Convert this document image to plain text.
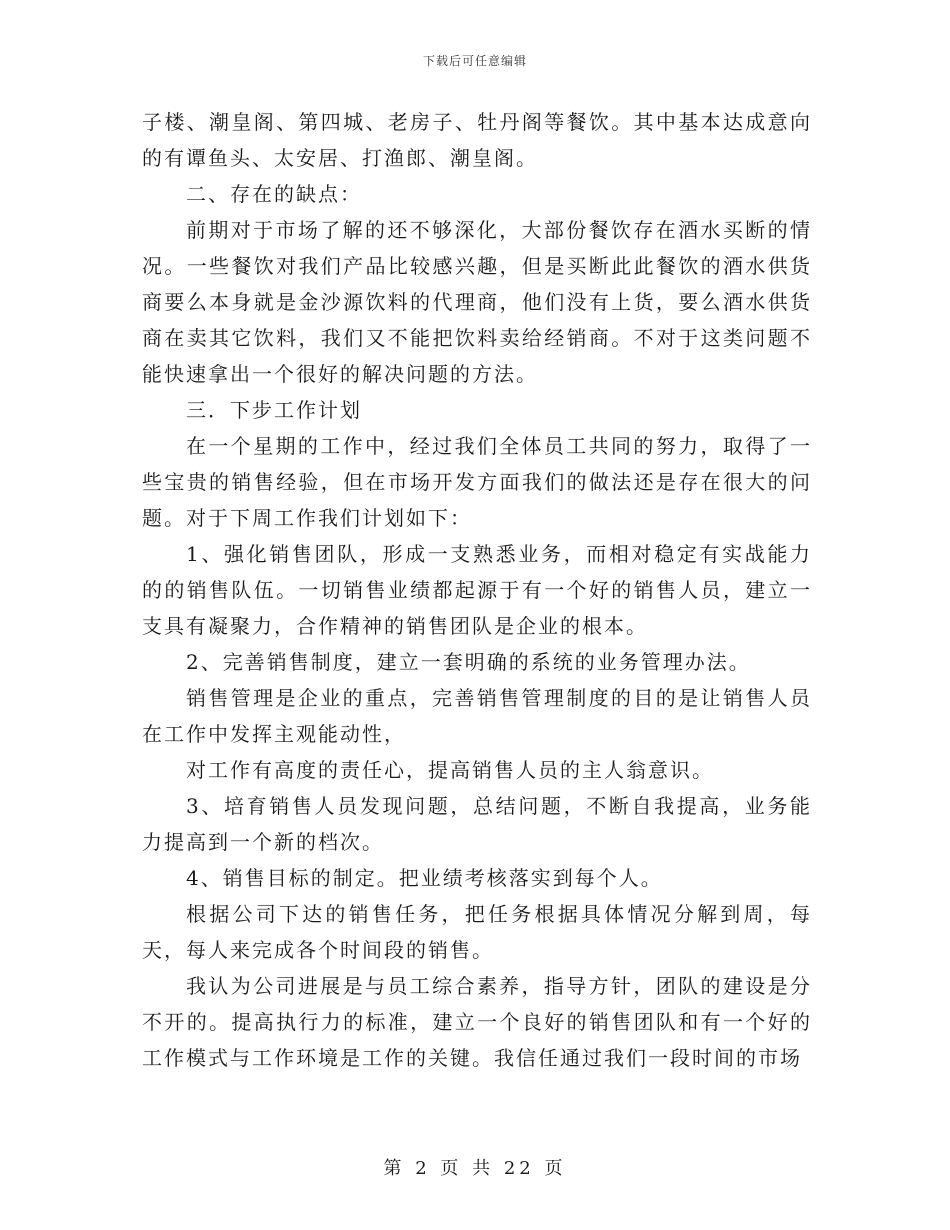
下载后可任意编辑

子楼、潮皇阁、第四城、老房子、牡丹阁等餐饮。其中基本达成意向的有谭鱼头、太安居、打渔郎、潮皇阁。

二、存在的缺点：

前期对于市场了解的还不够深化，大部份餐饮存在酒水买断的情况。一些餐饮对我们产品比较感兴趣，但是买断此此餐饮的酒水供货商要么本身就是金沙源饮料的代理商，他们没有上货，要么酒水供货商在卖其它饮料，我们又不能把饮料卖给经销商。不对于这类问题不能快速拿出一个很好的解决问题的方法。

三．下步工作计划

在一个星期的工作中，经过我们全体员工共同的努力，取得了一些宝贵的销售经验，但在市场开发方面我们的做法还是存在很大的问题。对于下周工作我们计划如下：

1、强化销售团队，形成一支熟悉业务，而相对稳定有实战能力的的销售队伍。一切销售业绩都起源于有一个好的销售人员，建立一支具有凝聚力，合作精神的销售团队是企业的根本。

2、完善销售制度，建立一套明确的系统的业务管理办法。

销售管理是企业的重点，完善销售管理制度的目的是让销售人员在工作中发挥主观能动性，

对工作有高度的责任心，提高销售人员的主人翁意识。

3、培育销售人员发现问题，总结问题，不断自我提高，业务能力提高到一个新的档次。

4、销售目标的制定。把业绩考核落实到每个人。

根据公司下达的销售任务，把任务根据具体情况分解到周，每天，每人来完成各个时间段的销售。

我认为公司进展是与员工综合素养，指导方针，团队的建设是分不开的。提高执行力的标准，建立一个良好的销售团队和有一个好的工作模式与工作环境是工作的关键。我信任通过我们一段时间的市场

第 2 页 共 22 页
